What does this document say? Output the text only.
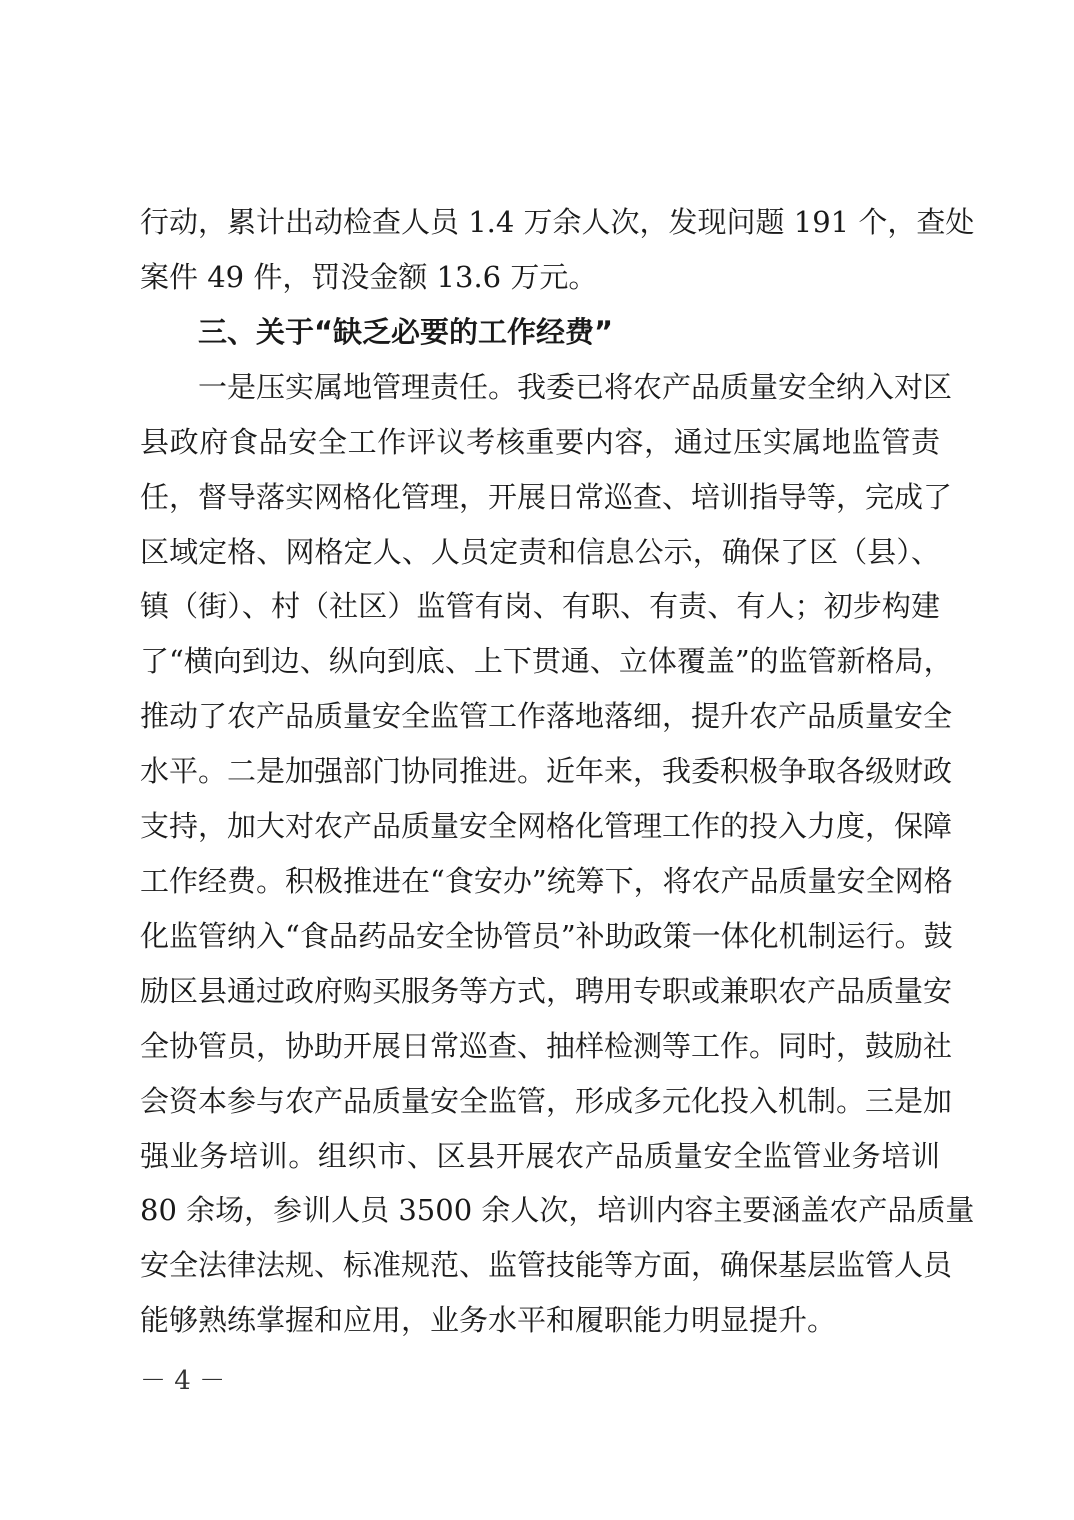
行动，累计出动检查人员 1.4 万余人次，发现问题 191 个，查处
案件 49 件，罚没金额 13.6 万元。
三、关于“缺乏必要的工作经费”
一是压实属地管理责任。我委已将农产品质量安全纳入对区
县政府食品安全工作评议考核重要内容，通过压实属地监管责
任，督导落实网格化管理，开展日常巡查、培训指导等，完成了
区域定格、网格定人、人员定责和信息公示，确保了区（县）、
镇（街）、村（社区）监管有岗、有职、有责、有人；初步构建
了“横向到边、纵向到底、上下贯通、立体覆盖”的监管新格局，
推动了农产品质量安全监管工作落地落细，提升农产品质量安全
水平。二是加强部门协同推进。近年来，我委积极争取各级财政
支持，加大对农产品质量安全网格化管理工作的投入力度，保障
工作经费。积极推进在“食安办”统筹下，将农产品质量安全网格
化监管纳入“食品药品安全协管员”补助政策一体化机制运行。鼓
励区县通过政府购买服务等方式，聘用专职或兼职农产品质量安
全协管员，协助开展日常巡查、抽样检测等工作。同时，鼓励社
会资本参与农产品质量安全监管，形成多元化投入机制。三是加
强业务培训。组织市、区县开展农产品质量安全监管业务培训
80 余场，参训人员 3500 余人次，培训内容主要涵盖农产品质量
安全法律法规、标准规范、监管技能等方面，确保基层监管人员
能够熟练掌握和应用，业务水平和履职能力明显提升。
－ 4 －
